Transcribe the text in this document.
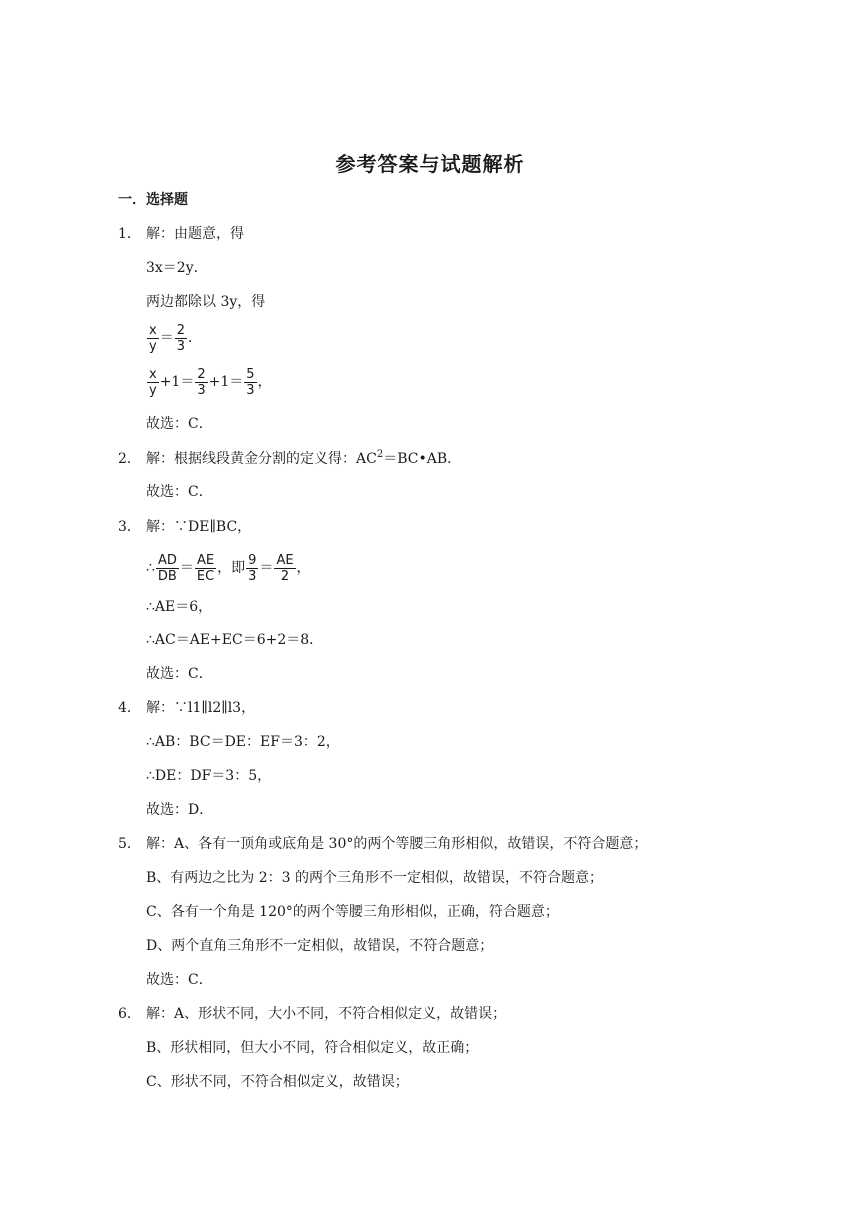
参考答案与试题解析
一．选择题
1． 解：由题意，得
3x＝2y．
两边都除以 3y，得
$\frac{x}{y} = \frac{2}{3}$ ．
$\frac{x}{y} +1= \frac{2}{3} +1= \frac{5}{3}$ ，
故选：C．
2． 解：根据线段黄金分割的定义得：$AC^2=BC•AB$．
故选：C．
3． 解：∵DE∥BC，
∴ $\frac{AD}{DB} = \frac{AE}{EC}$ ，即 $\frac{9}{3} = \frac{AE}{2}$ ，
∴AE＝6，
∴AC＝AE+EC＝6+2＝8．
故选：C．
4． 解：∵l1∥l2∥l3，
∴AB：BC＝DE：EF＝3：2，
∴DE：DF＝3：5，
故选：D．
5． 解：A、各有一顶角或底角是 30°的两个等腰三角形相似，故错误，不符合题意；
B、有两边之比为 2：3 的两个三角形不一定相似，故错误，不符合题意；
C、各有一个角是 120°的两个等腰三角形相似，正确，符合题意；
D、两个直角三角形不一定相似，故错误，不符合题意；
故选：C．
6． 解：A、形状不同，大小不同，不符合相似定义，故错误；
B、形状相同，但大小不同，符合相似定义，故正确；
C、形状不同，不符合相似定义，故错误；
